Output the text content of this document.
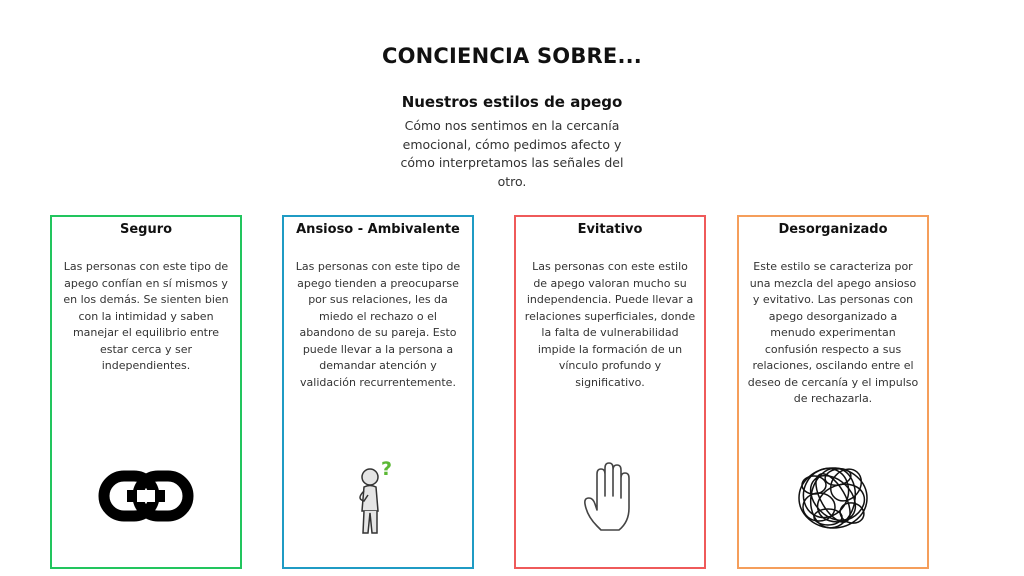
CONCIENCIA SOBRE...
Nuestros estilos de apego
Cómo nos sentimos en la cercanía emocional, cómo pedimos afecto y cómo interpretamos las señales del otro.
Seguro
Las personas con este tipo de apego confían en sí mismos y en los demás. Se sienten bien con la intimidad y saben manejar el equilibrio entre estar cerca y ser independientes.
Ansioso - Ambivalente
Las personas con este tipo de apego tienden a preocuparse por sus relaciones, les da miedo el rechazo o el abandono de su pareja. Esto puede llevar a la persona a demandar atención y validación recurrentemente.
?
Evitativo
Las personas con este estilo de apego valoran mucho su independencia. Puede llevar a relaciones superficiales, donde la falta de vulnerabilidad impide la formación de un vínculo profundo y significativo.
Desorganizado
Este estilo se caracteriza por una mezcla del apego ansioso y evitativo. Las personas con apego desorganizado a menudo experimentan confusión respecto a sus relaciones, oscilando entre el deseo de cercanía y el impulso de rechazarla.
